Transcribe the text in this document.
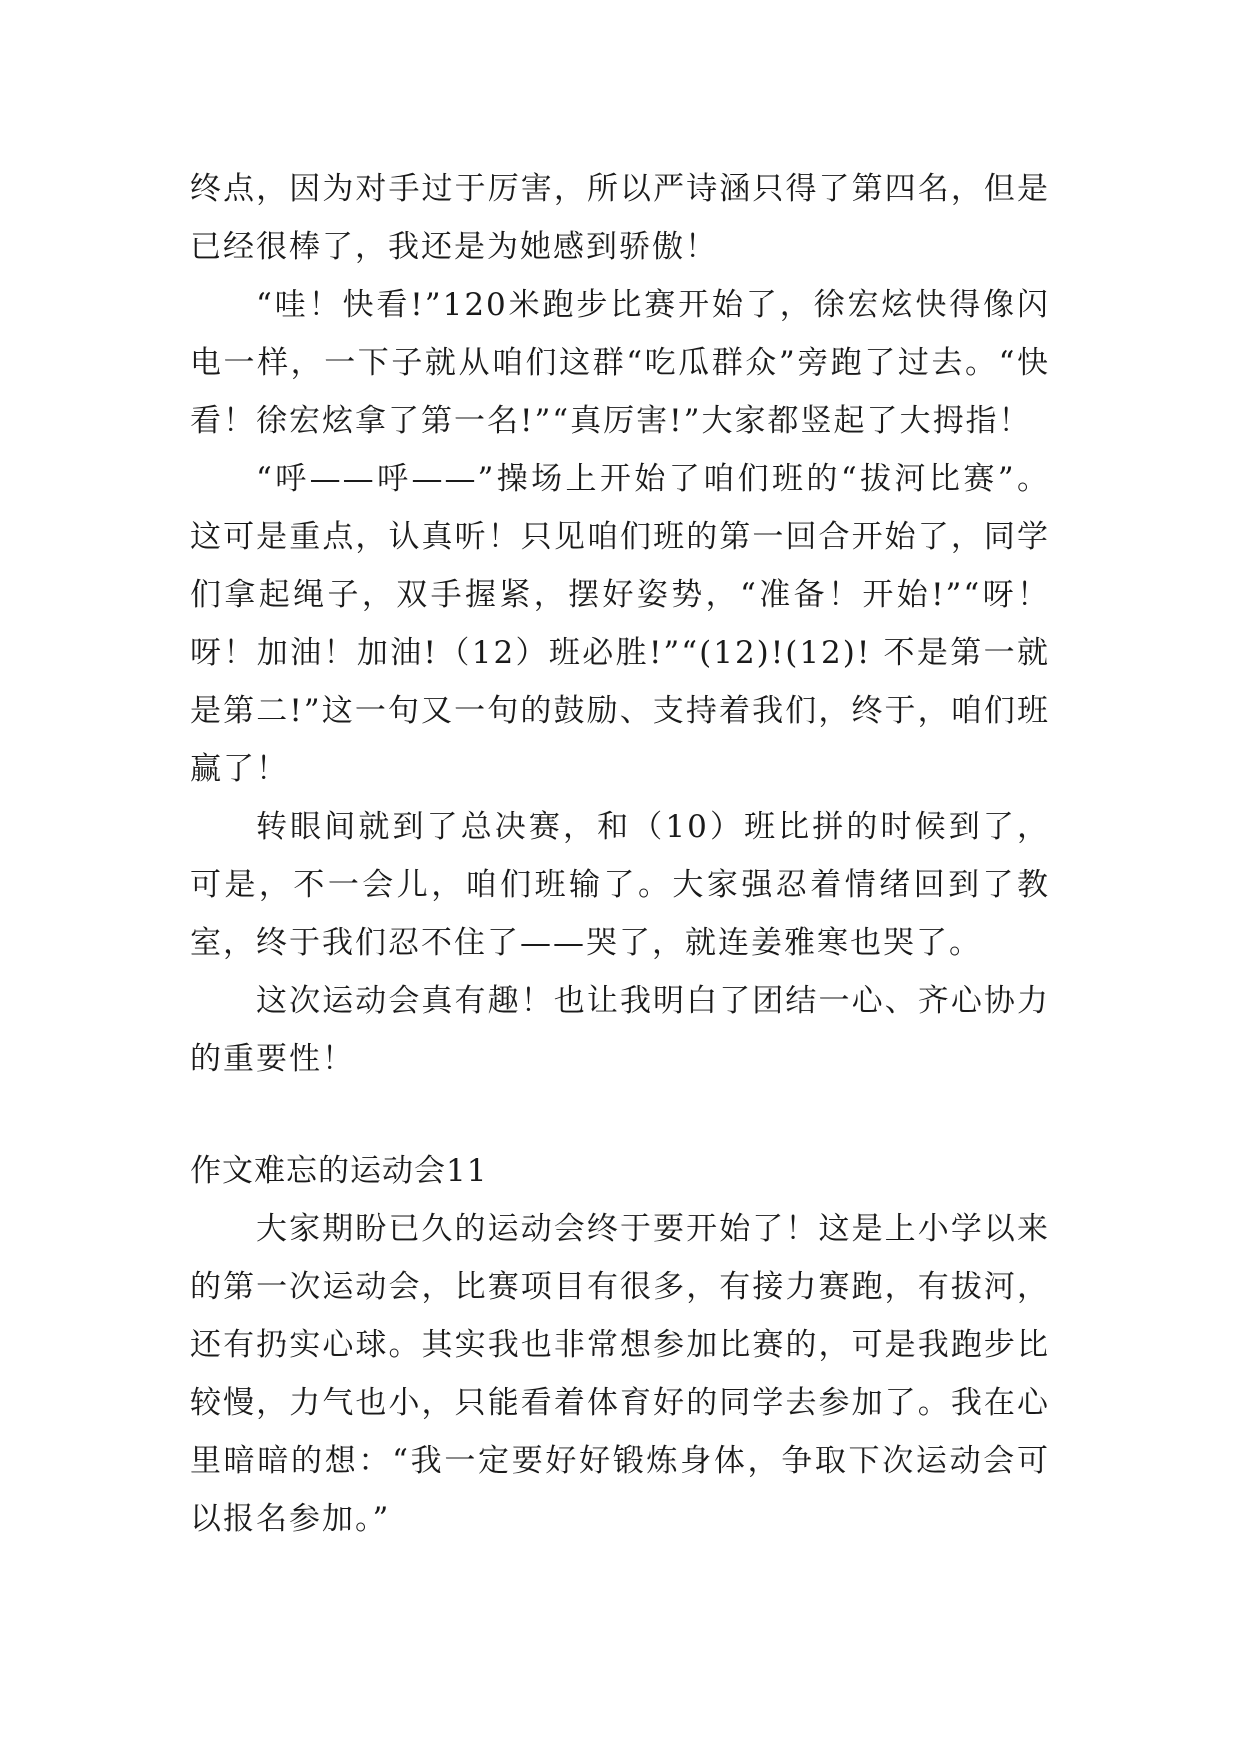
终点，因为对手过于厉害，所以严诗涵只得了第四名，但是已经很棒了，我还是为她感到骄傲！

“哇！快看!”120米跑步比赛开始了，徐宏炫快得像闪电一样，一下子就从咱们这群“吃瓜群众”旁跑了过去。“快看！徐宏炫拿了第一名!”“真厉害!”大家都竖起了大拇指！

“呼——呼——”操场上开始了咱们班的“拔河比赛”。这可是重点，认真听！只见咱们班的第一回合开始了，同学们拿起绳子，双手握紧，摆好姿势，“准备！开始!”“呀！呀！加油！加油!（12）班必胜!”“(12)!(12)! 不是第一就是第二!”这一句又一句的鼓励、支持着我们，终于，咱们班赢了！

转眼间就到了总决赛，和（10）班比拼的时候到了，可是，不一会儿，咱们班输了。大家强忍着情绪回到了教室，终于我们忍不住了——哭了，就连姜雅寒也哭了。

这次运动会真有趣！也让我明白了团结一心、齐心协力的重要性！

作文难忘的运动会11

大家期盼已久的运动会终于要开始了！这是上小学以来的第一次运动会，比赛项目有很多，有接力赛跑，有拔河，还有扔实心球。其实我也非常想参加比赛的，可是我跑步比较慢，力气也小，只能看着体育好的同学去参加了。我在心里暗暗的想：“我一定要好好锻炼身体，争取下次运动会可以报名参加。”
